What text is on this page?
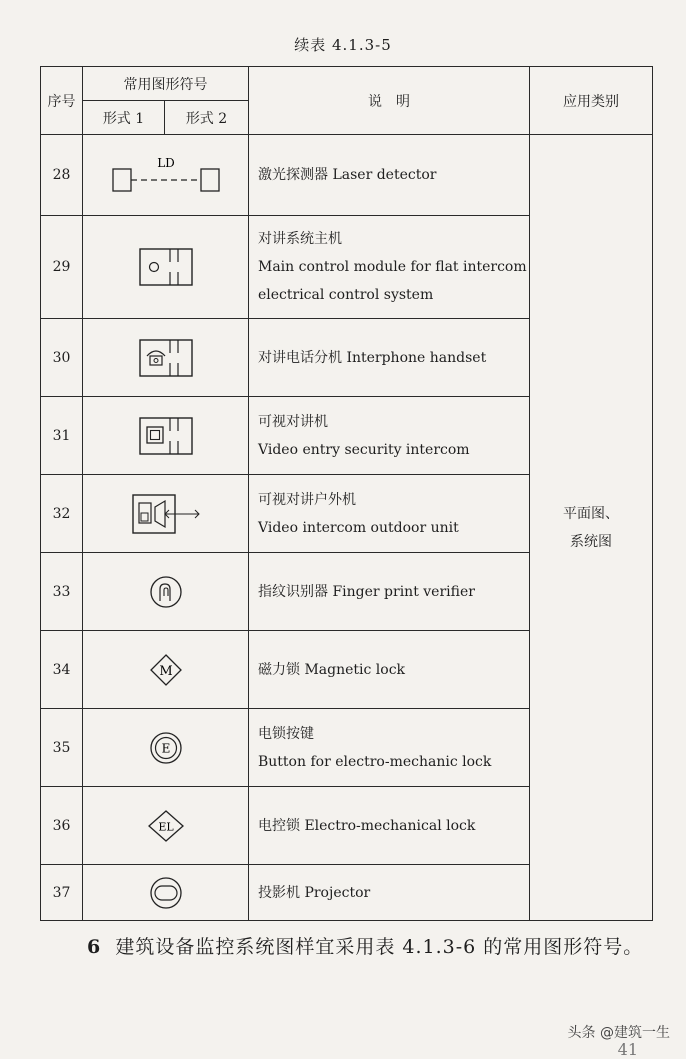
续表 4.1.3-5
序号	常用图形符号		说　明	应用类别
	形式 1	形式 2		
28	LD		激光探测器 Laser detector	平面图、
系统图

29			对讲系统主机
Main control module for flat intercom
electrical control system	

30			对讲电话分机 Interphone handset	
31			可视对讲机
Video entry security intercom	

32			可视对讲户外机
Video intercom outdoor unit	

33			指纹识别器 Finger print verifier	
34	M		磁力锁 Magnetic lock	
35	E		电锁按键
Button for electro-mechanic lock	

36	EL		电控锁 Electro-mechanical lock	
37			投影机 Projector	
6 建筑设备监控系统图样宜采用表 4.1.3-6 的常用图形符号。
头条 @建筑一生
41
